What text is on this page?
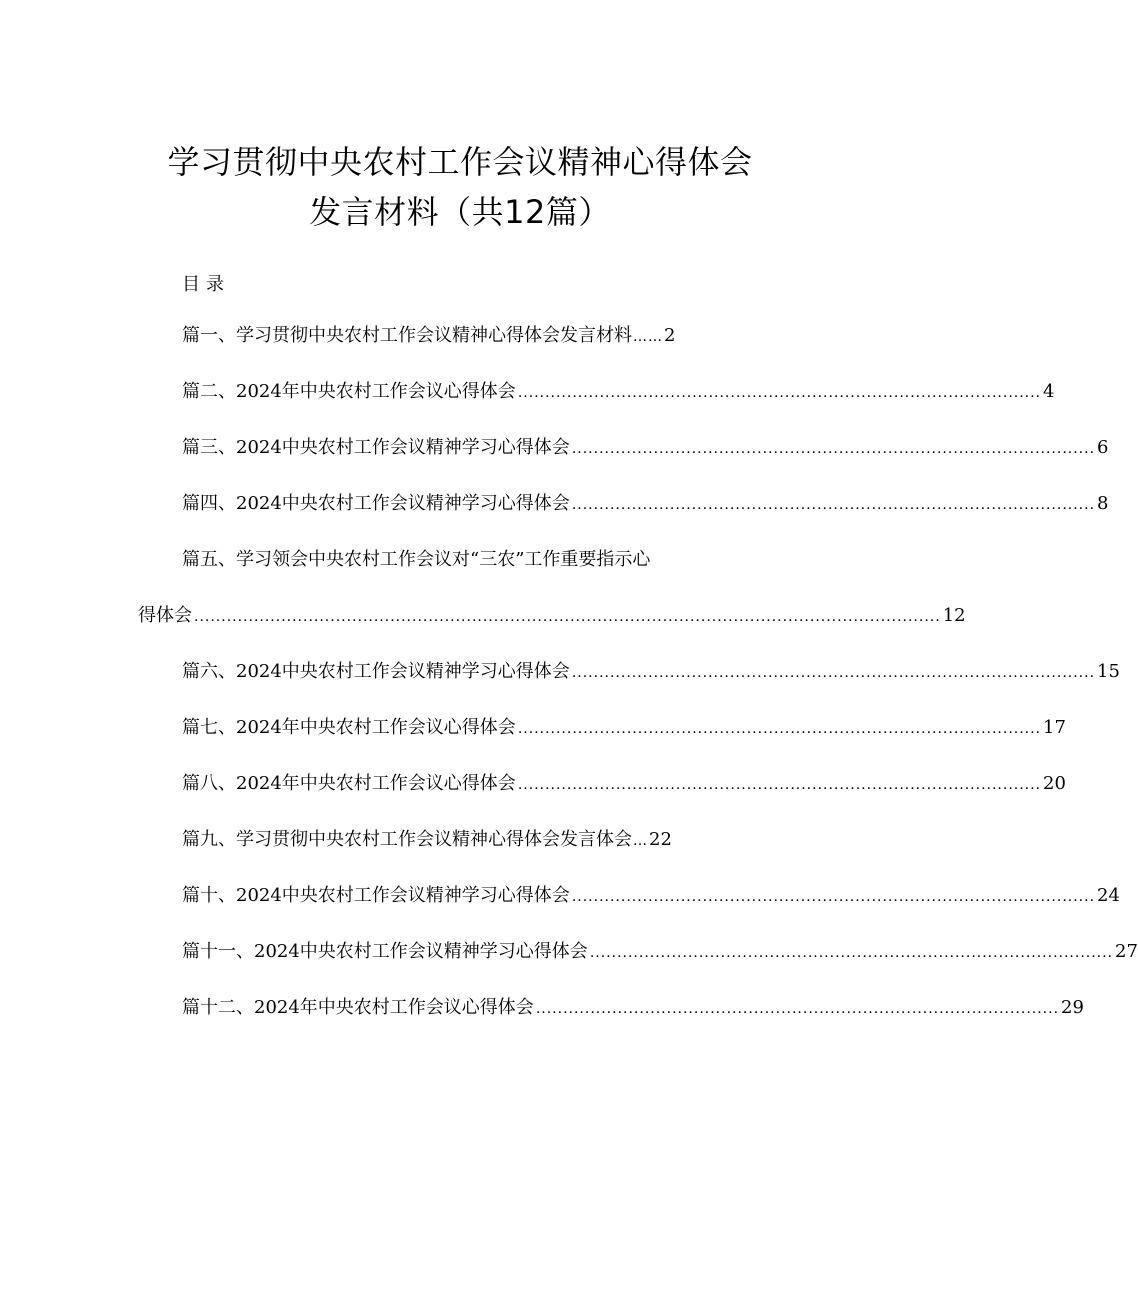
学习贯彻中央农村工作会议精神心得体会
发言材料（共12篇）
目录
篇一、学习贯彻中央农村工作会议精神心得体会发言材料 …… 2
篇二、2024年中央农村工作会议心得体会 ................................................................................................ 4
篇三、2024中央农村工作会议精神学习心得体会 ................................................................................................ 6
篇四、2024中央农村工作会议精神学习心得体会 ................................................................................................ 8
篇五、学习领会中央农村工作会议对“三农”工作重要指示心
得体会 ......................................................................................................................................... 12
篇六、2024中央农村工作会议精神学习心得体会 ................................................................................................ 15
篇七、2024年中央农村工作会议心得体会 ................................................................................................ 17
篇八、2024年中央农村工作会议心得体会 ................................................................................................ 20
篇九、学习贯彻中央农村工作会议精神心得体会发言体会 … 22
篇十、2024中央农村工作会议精神学习心得体会 ................................................................................................ 24
篇十一、2024中央农村工作会议精神学习心得体会 ................................................................................................ 27
篇十二、2024年中央农村工作会议心得体会 ................................................................................................ 29
